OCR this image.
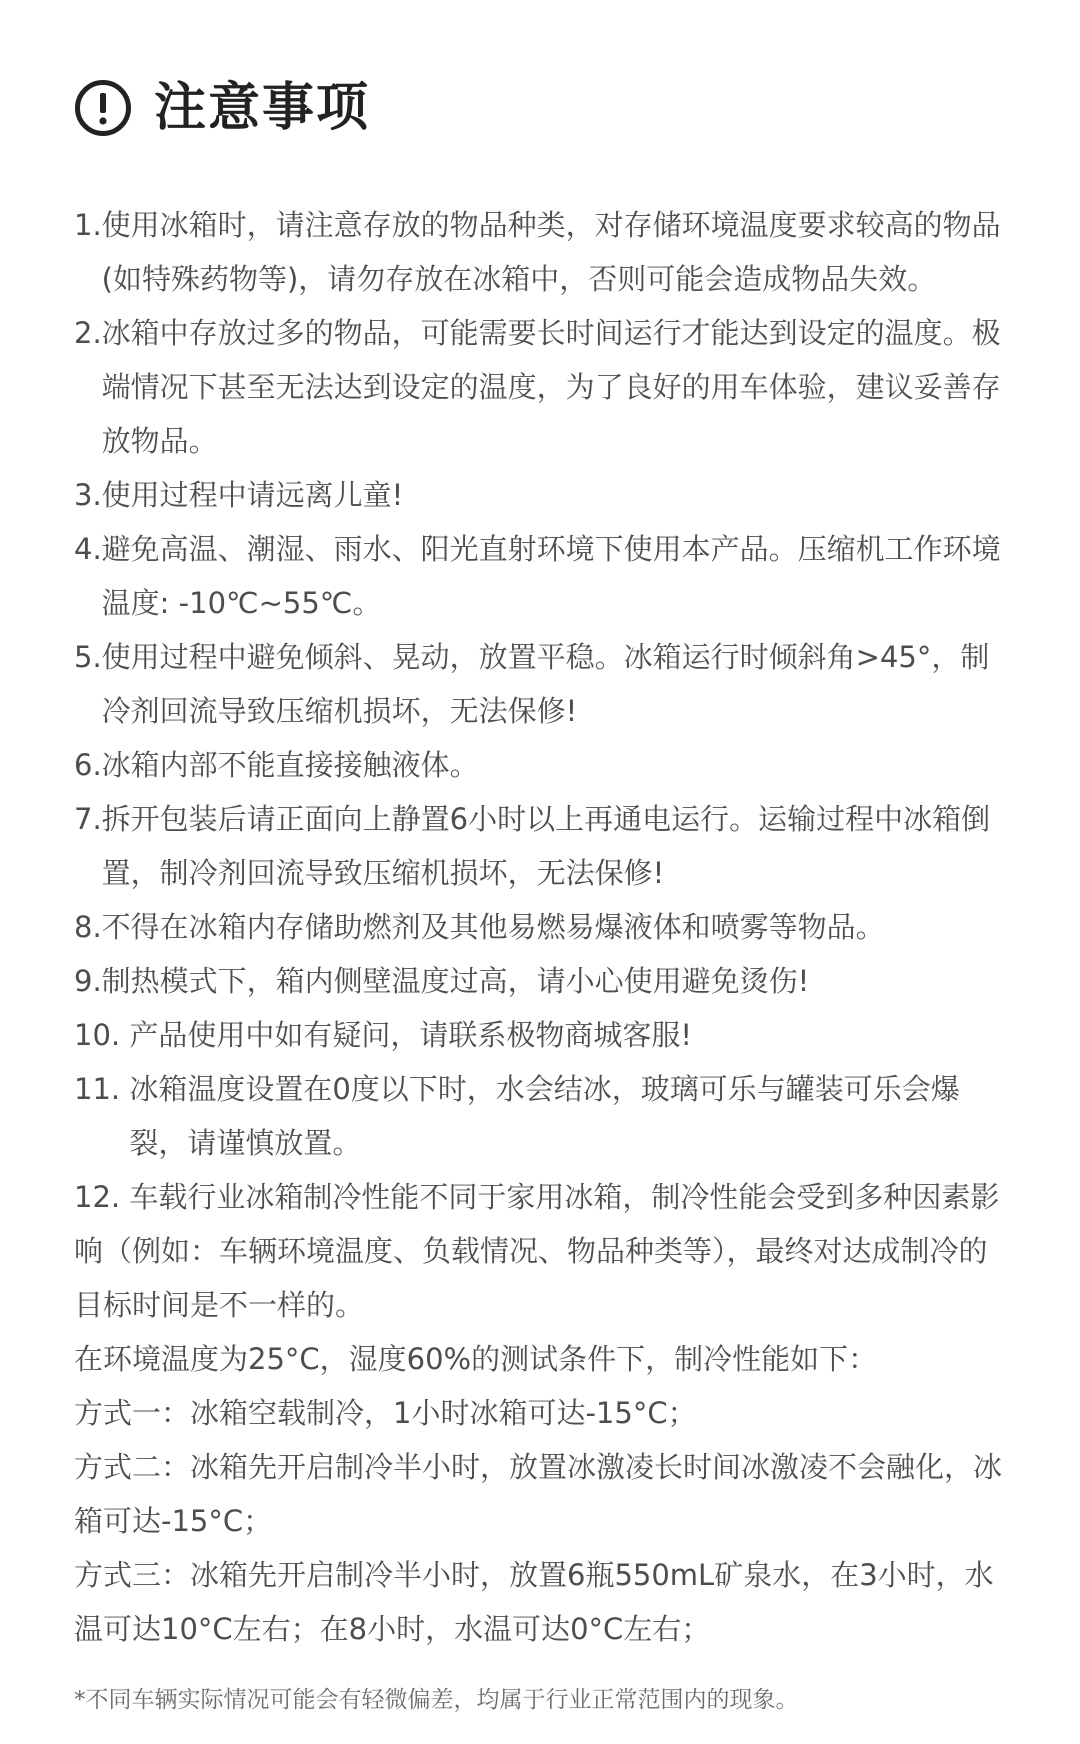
注意事项
1. 使用冰箱时，请注意存放的物品种类，对存储环境温度要求较高的物品(如特殊药物等)，请勿存放在冰箱中，否则可能会造成物品失效。
2. 冰箱中存放过多的物品，可能需要长时间运行才能达到设定的温度。极端情况下甚至无法达到设定的温度，为了良好的用车体验，建议妥善存放物品。
3. 使用过程中请远离儿童!
4. 避免高温、潮湿、雨水、阳光直射环境下使用本产品。压缩机工作环境温度: -10℃~55℃。
5. 使用过程中避免倾斜、晃动，放置平稳。冰箱运行时倾斜角>45°，制冷剂回流导致压缩机损坏，无法保修!
6. 冰箱内部不能直接接触液体。
7. 拆开包装后请正面向上静置6小时以上再通电运行。运输过程中冰箱倒置，制冷剂回流导致压缩机损坏，无法保修!
8. 不得在冰箱内存储助燃剂及其他易燃易爆液体和喷雾等物品。
9. 制热模式下，箱内侧壁温度过高，请小心使用避免烫伤!
10. 产品使用中如有疑问，请联系极物商城客服!
11. 冰箱温度设置在0度以下时，水会结冰，玻璃可乐与罐装可乐会爆裂，请谨慎放置。
12. 车载行业冰箱制冷性能不同于家用冰箱，制冷性能会受到多种因素影响（例如：车辆环境温度、负载情况、物品种类等），最终对达成制冷的目标时间是不一样的。
在环境温度为25°C，湿度60%的测试条件下，制冷性能如下：
方式一：冰箱空载制冷，1小时冰箱可达-15°C；
方式二：冰箱先开启制冷半小时，放置冰激凌长时间冰激凌不会融化，冰箱可达-15°C；
方式三：冰箱先开启制冷半小时，放置6瓶550mL矿泉水，在3小时，水温可达10°C左右；在8小时，水温可达0°C左右；
*不同车辆实际情况可能会有轻微偏差，均属于行业正常范围内的现象。
